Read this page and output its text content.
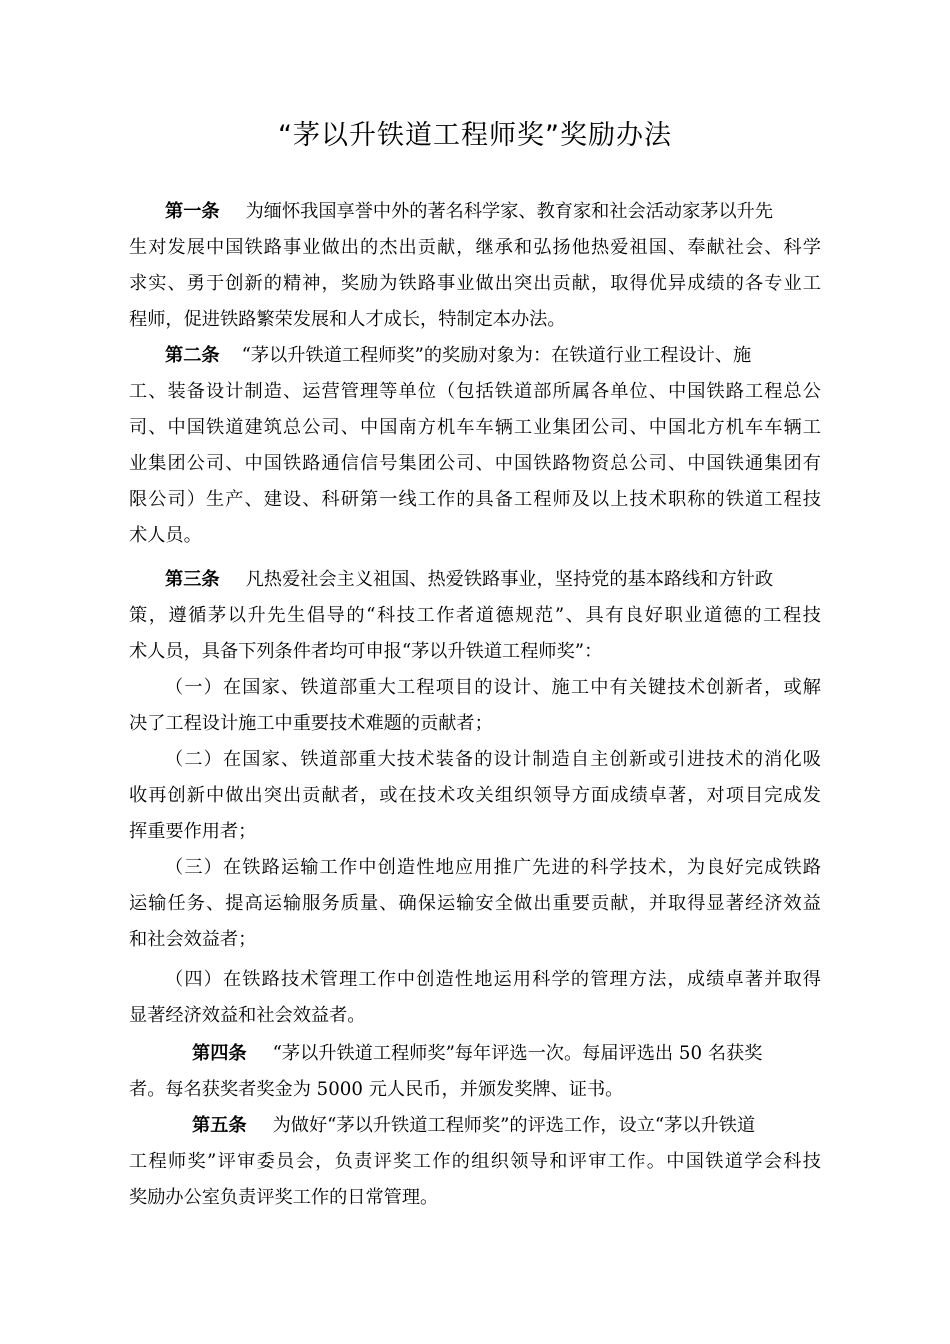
“茅以升铁道工程师奖”奖励办法
第一条 为缅怀我国享誉中外的著名科学家、教育家和社会活动家茅以升先
生对发展中国铁路事业做出的杰出贡献，继承和弘扬他热爱祖国、奉献社会、科学
求实、勇于创新的精神，奖励为铁路事业做出突出贡献，取得优异成绩的各专业工
程师，促进铁路繁荣发展和人才成长，特制定本办法。
第二条 “茅以升铁道工程师奖”的奖励对象为：在铁道行业工程设计、施
工、装备设计制造、运营管理等单位（包括铁道部所属各单位、中国铁路工程总公
司、中国铁道建筑总公司、中国南方机车车辆工业集团公司、中国北方机车车辆工
业集团公司、中国铁路通信信号集团公司、中国铁路物资总公司、中国铁通集团有
限公司）生产、建设、科研第一线工作的具备工程师及以上技术职称的铁道工程技
术人员。
第三条 凡热爱社会主义祖国、热爱铁路事业，坚持党的基本路线和方针政
策，遵循茅以升先生倡导的“科技工作者道德规范”、具有良好职业道德的工程技
术人员，具备下列条件者均可申报“茅以升铁道工程师奖”：
（一）在国家、铁道部重大工程项目的设计、施工中有关键技术创新者，或解
决了工程设计施工中重要技术难题的贡献者；
（二）在国家、铁道部重大技术装备的设计制造自主创新或引进技术的消化吸
收再创新中做出突出贡献者，或在技术攻关组织领导方面成绩卓著，对项目完成发
挥重要作用者；
（三）在铁路运输工作中创造性地应用推广先进的科学技术，为良好完成铁路
运输任务、提高运输服务质量、确保运输安全做出重要贡献，并取得显著经济效益
和社会效益者；
（四）在铁路技术管理工作中创造性地运用科学的管理方法，成绩卓著并取得
显著经济效益和社会效益者。
第四条 “茅以升铁道工程师奖”每年评选一次。每届评选出 50 名获奖
者。每名获奖者奖金为 5000 元人民币，并颁发奖牌、证书。
第五条 为做好“茅以升铁道工程师奖”的评选工作，设立“茅以升铁道
工程师奖”评审委员会，负责评奖工作的组织领导和评审工作。中国铁道学会科技
奖励办公室负责评奖工作的日常管理。
